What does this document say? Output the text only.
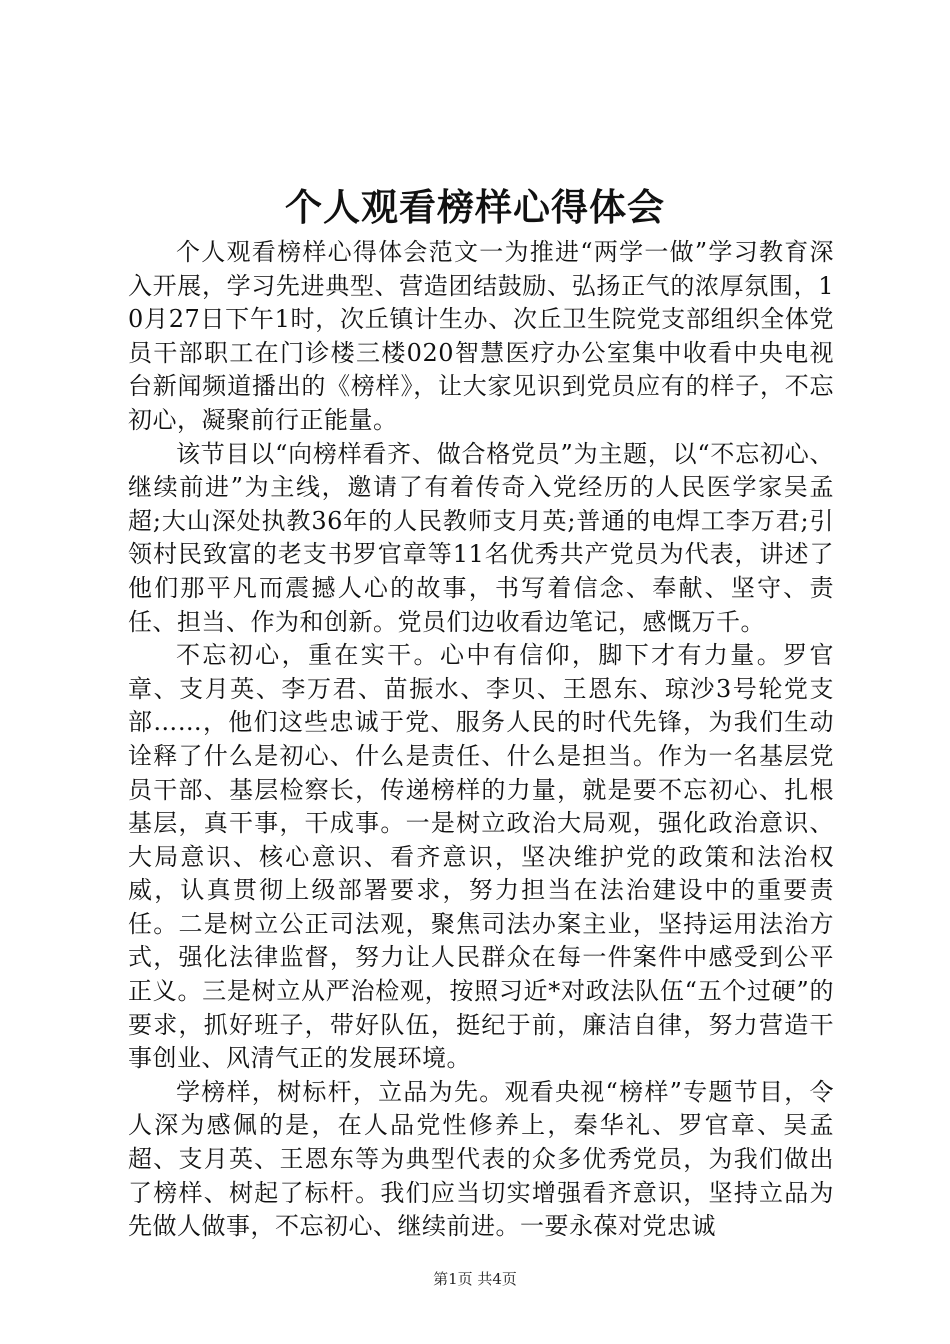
个人观看榜样心得体会

个人观看榜样心得体会范文一为推进“两学一做”学习教育深入开展，学习先进典型、营造团结鼓励、弘扬正气的浓厚氛围，10月27日下午1时，次丘镇计生办、次丘卫生院党支部组织全体党员干部职工在门诊楼三楼020智慧医疗办公室集中收看中央电视台新闻频道播出的《榜样》，让大家见识到党员应有的样子，不忘初心，凝聚前行正能量。

该节目以“向榜样看齐、做合格党员”为主题，以“不忘初心、继续前进”为主线，邀请了有着传奇入党经历的人民医学家吴孟超;大山深处执教36年的人民教师支月英;普通的电焊工李万君;引领村民致富的老支书罗官章等11名优秀共产党员为代表，讲述了他们那平凡而震撼人心的故事，书写着信念、奉献、坚守、责任、担当、作为和创新。党员们边收看边笔记，感慨万千。

不忘初心，重在实干。心中有信仰，脚下才有力量。罗官章、支月英、李万君、苗振水、李贝、王恩东、琼沙3号轮党支部……，他们这些忠诚于党、服务人民的时代先锋，为我们生动诠释了什么是初心、什么是责任、什么是担当。作为一名基层党员干部、基层检察长，传递榜样的力量，就是要不忘初心、扎根基层，真干事，干成事。一是树立政治大局观，强化政治意识、大局意识、核心意识、看齐意识，坚决维护党的政策和法治权威，认真贯彻上级部署要求，努力担当在法治建设中的重要责任。二是树立公正司法观，聚焦司法办案主业，坚持运用法治方式，强化法律监督，努力让人民群众在每一件案件中感受到公平正义。三是树立从严治检观，按照习近*对政法队伍“五个过硬”的要求，抓好班子，带好队伍，挺纪于前，廉洁自律，努力营造干事创业、风清气正的发展环境。

学榜样，树标杆，立品为先。观看央视“榜样”专题节目，令人深为感佩的是，在人品党性修养上，秦华礼、罗官章、吴孟超、支月英、王恩东等为典型代表的众多优秀党员，为我们做出了榜样、树起了标杆。我们应当切实增强看齐意识，坚持立品为先做人做事，不忘初心、继续前进。一要永葆对党忠诚

第1页 共4页
